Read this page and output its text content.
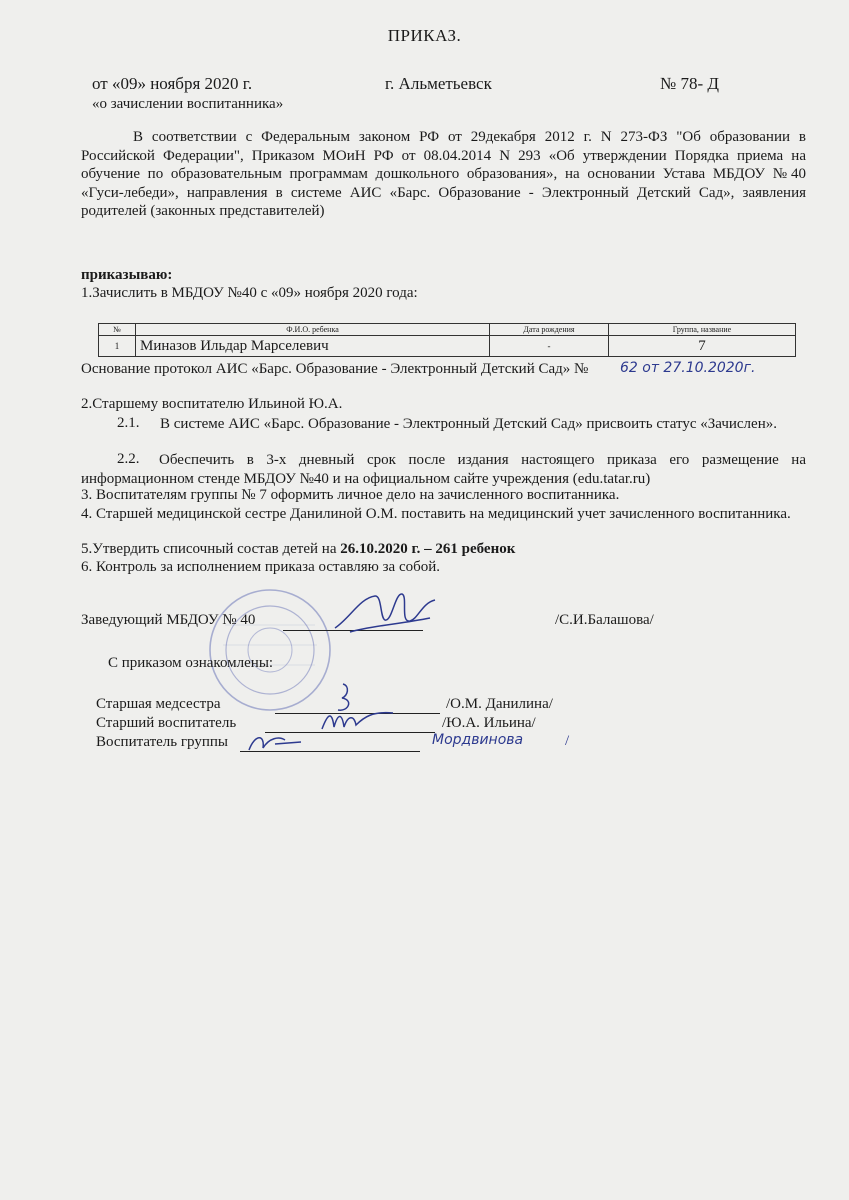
ПРИКАЗ.
от «09» ноября 2020 г.	г. Альметьевск	№ 78- Д
«о зачислении воспитанника»
В соответствии с Федеральным законом РФ от 29декабря 2012 г. N 273-ФЗ "Об образовании в Российской Федерации", Приказом МОиН РФ от 08.04.2014 N 293 «Об утверждении Порядка приема на обучение по образовательным программам дошкольного образования», на основании Устава МБДОУ №40 «Гуси-лебеди», направления в системе АИС «Барс. Образование - Электронный Детский Сад», заявления родителей (законных представителей)
приказываю:
1.Зачислить в МБДОУ №40 с «09» ноября 2020 года:
№	Ф.И.О. ребенка	Дата рождения	Группа, название
1	Миназов Ильдар Марселевич	-	7
Основание протокол АИС «Барс. Образование - Электронный Детский Сад» № 62 от 27.10.2020г.
2.Старшему воспитателю Ильиной Ю.А.
2.1. В системе АИС «Барс. Образование - Электронный Детский Сад» присвоить статус «Зачислен».
2.2.	Обеспечить в 3-х дневный срок после издания настоящего приказа его размещение на информационном стенде МБДОУ №40 и на официальном сайте учреждения (edu.tatar.ru)
3. Воспитателям группы № 7 оформить личное дело на зачисленного воспитанника.
4. Старшей медицинской сестре Данилиной О.М. поставить на медицинский учет зачисленного воспитанника.
5.Утвердить списочный состав детей на 26.10.2020 г. – 261 ребенок
6. Контроль за исполнением приказа оставляю за собой.
Заведующий МБДОУ № 40	/С.И.Балашова/
С приказом ознакомлены:
Старшая медсестра	/О.М. Данилина/
Старший воспитатель	/Ю.А. Ильина/
Воспитатель группы	Мордвинова	/
